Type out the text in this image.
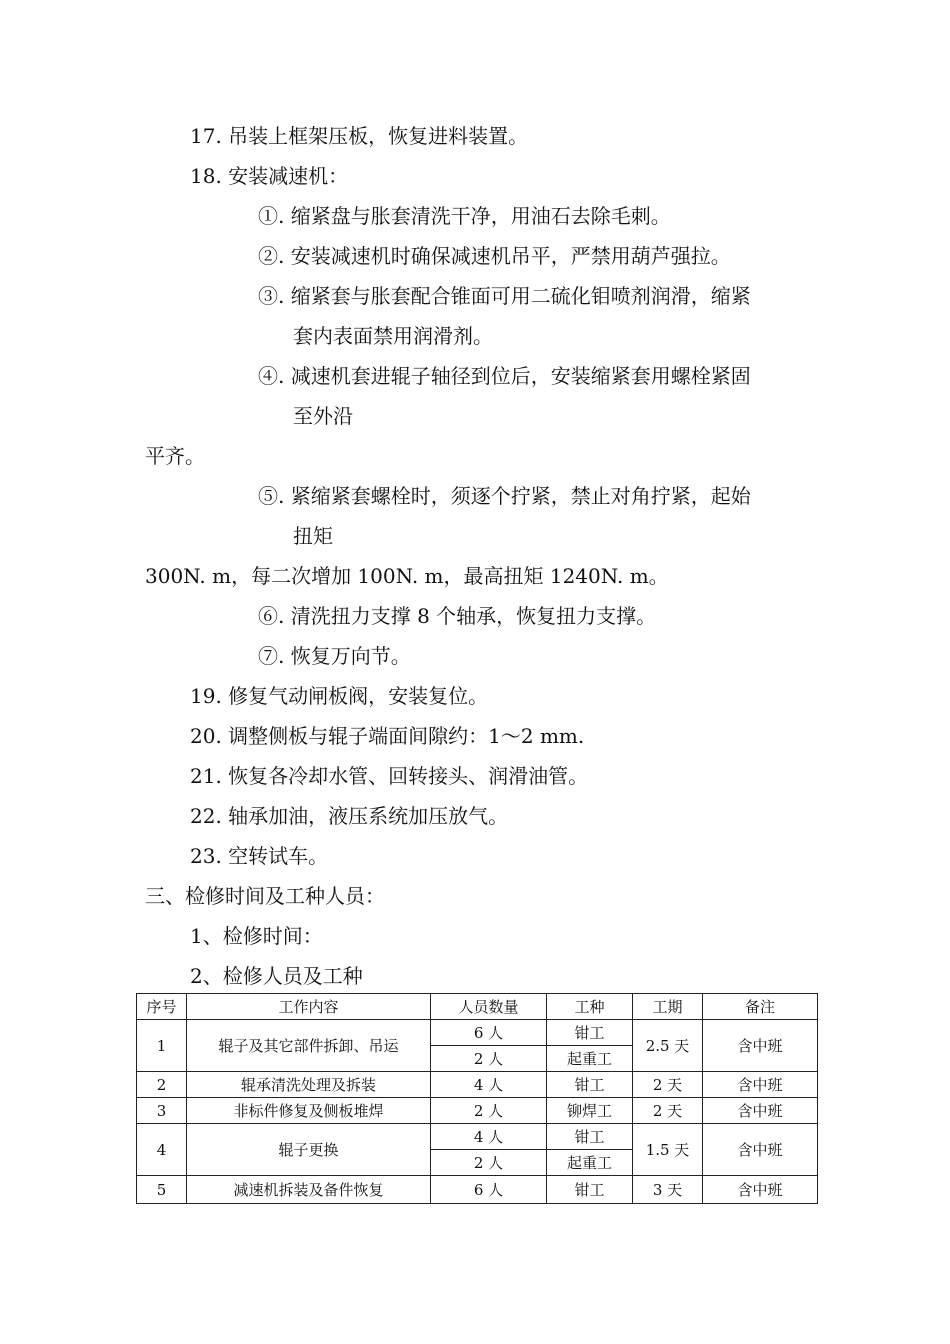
17. 吊装上框架压板，恢复进料装置。
18. 安装减速机：
①. 缩紧盘与胀套清洗干净，用油石去除毛刺。
②. 安装减速机时确保减速机吊平，严禁用葫芦强拉。
③. 缩紧套与胀套配合锥面可用二硫化钼喷剂润滑，缩紧
套内表面禁用润滑剂。
④. 减速机套进辊子轴径到位后，安装缩紧套用螺栓紧固
至外沿
平齐。
⑤. 紧缩紧套螺栓时，须逐个拧紧，禁止对角拧紧，起始
扭矩
300N. m，每二次增加 100N. m，最高扭矩 1240N. m。
⑥. 清洗扭力支撑 8 个轴承，恢复扭力支撑。
⑦. 恢复万向节。
19. 修复气动闸板阀，安装复位。
20. 调整侧板与辊子端面间隙约：1～2 mm.
21. 恢复各冷却水管、回转接头、润滑油管。
22. 轴承加油，液压系统加压放气。
23. 空转试车。
三、检修时间及工种人员：
1、检修时间：
2、检修人员及工种
序号	工作内容	人员数量	工种	工期	备注
1	辊子及其它部件拆卸、吊运	6 人	钳工	2.5 天	含中班
		2 人	起重工		
2	辊承清洗处理及拆装	4 人	钳工	2 天	含中班
3	非标件修复及侧板堆焊	2 人	铆焊工	2 天	含中班
4	辊子更换	4 人	钳工	1.5 天	含中班
		2 人	起重工		
5	减速机拆装及备件恢复	6 人	钳工	3 天	含中班
